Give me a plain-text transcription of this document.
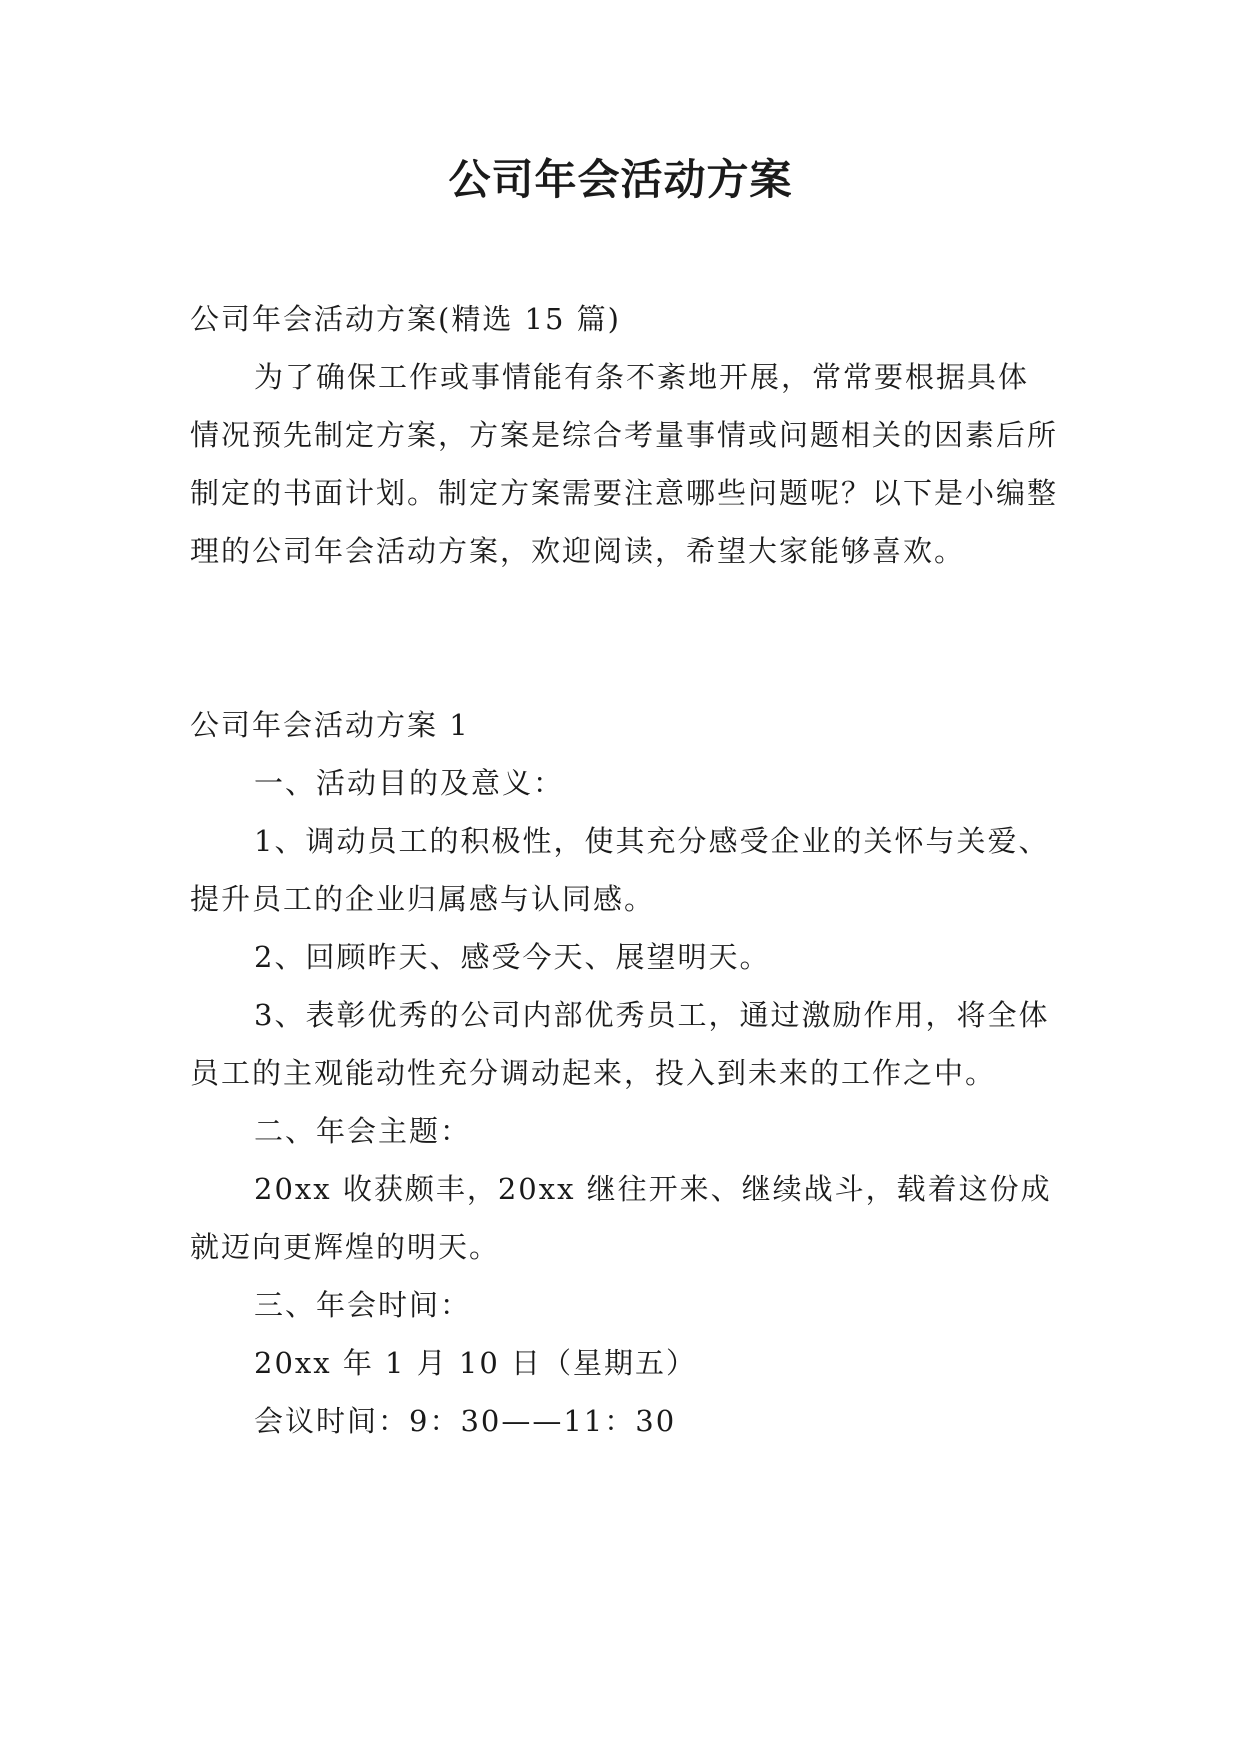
公司年会活动方案

公司年会活动方案(精选 15 篇)

为了确保工作或事情能有条不紊地开展，常常要根据具体情况预先制定方案，方案是综合考量事情或问题相关的因素后所制定的书面计划。制定方案需要注意哪些问题呢？以下是小编整理的公司年会活动方案，欢迎阅读，希望大家能够喜欢。

公司年会活动方案 1

一、活动目的及意义：

1、调动员工的积极性，使其充分感受企业的关怀与关爱、提升员工的企业归属感与认同感。

2、回顾昨天、感受今天、展望明天。

3、表彰优秀的公司内部优秀员工，通过激励作用，将全体员工的主观能动性充分调动起来，投入到未来的工作之中。

二、年会主题：

20xx 收获颇丰，20xx 继往开来、继续战斗，载着这份成就迈向更辉煌的明天。

三、年会时间：

20xx 年 1 月 10 日（星期五）

会议时间：9：30——11：30
